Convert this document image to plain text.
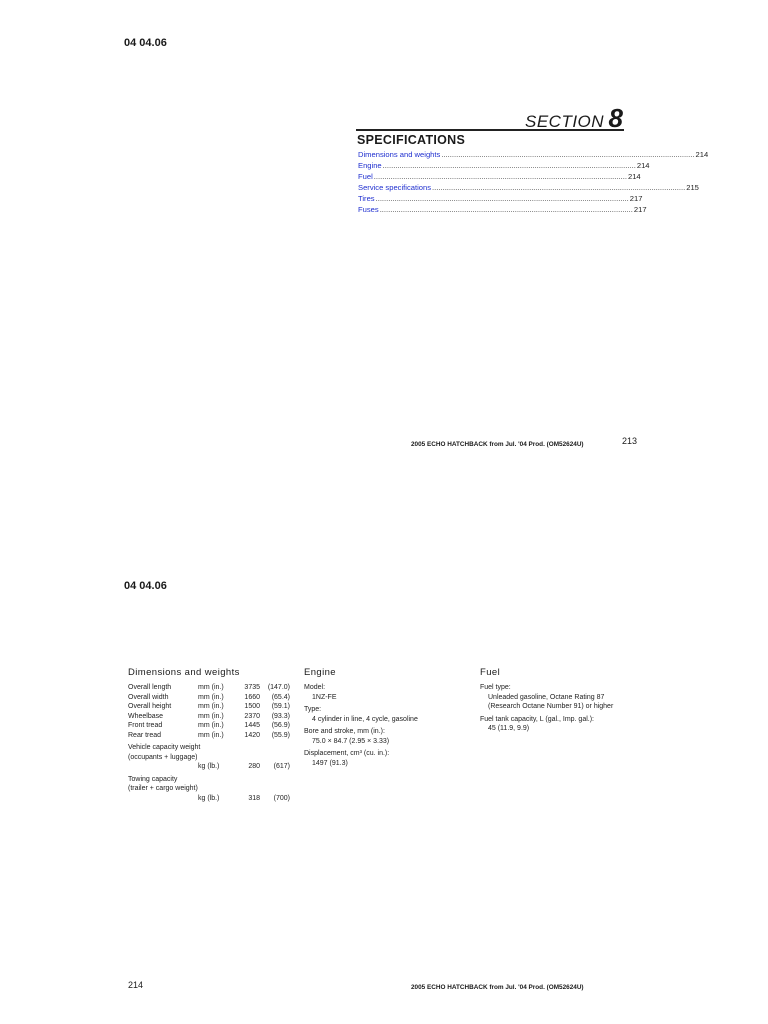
04 04.06
SECTION 8
SPECIFICATIONS
Dimensions and weights ........................................................................................................................ 214
Engine ........................................................................................................................ 214
Fuel ........................................................................................................................ 214
Service specifications ........................................................................................................................ 215
Tires ........................................................................................................................ 217
Fuses ........................................................................................................................ 217
2005 ECHO HATCHBACK from Jul. '04 Prod. (OM52624U)	213
04 04.06
Dimensions and weights
Overall length	mm (in.)	3735	(147.0)
Overall width	mm (in.)	1660	(65.4)
Overall height	mm (in.)	1500	(59.1)
Wheelbase	mm (in.)	2370	(93.3)
Front tread	mm (in.)	1445	(56.9)
Rear tread	mm (in.)	1420	(55.9)
Vehicle capacity weight
(occupants + luggage)
kg (lb.)	280	(617)
Towing capacity
(trailer + cargo weight)
kg (lb.)	318	(700)
Engine
Model:
1NZ-FE
Type:
4 cylinder in line, 4 cycle, gasoline
Bore and stroke, mm (in.):
75.0 × 84.7 (2.95 × 3.33)
Displacement, cm³ (cu. in.):
1497 (91.3)
Fuel
Fuel type:
Unleaded gasoline, Octane Rating 87
(Research Octane Number 91) or higher
Fuel tank capacity, L (gal., Imp. gal.):
45 (11.9, 9.9)
214	2005 ECHO HATCHBACK from Jul. '04 Prod. (OM52624U)
